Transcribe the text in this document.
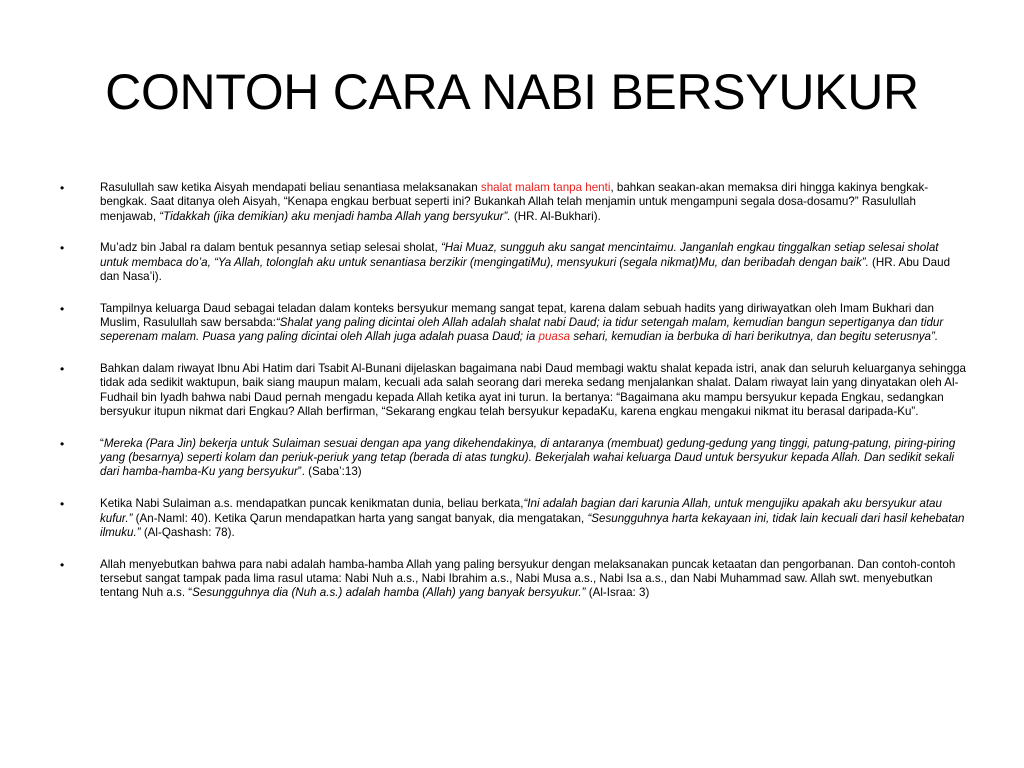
CONTOH CARA NABI BERSYUKUR
•	Rasulullah saw ketika Aisyah mendapati beliau senantiasa melaksanakan shalat malam tanpa henti, bahkan seakan-akan memaksa diri hingga kakinya bengkak-bengkak. Saat ditanya oleh Aisyah, “Kenapa engkau berbuat seperti ini? Bukankah Allah telah menjamin untuk mengampuni segala dosa-dosamu?” Rasulullah menjawab, “Tidakkah (jika demikian) aku menjadi hamba Allah yang bersyukur”. (HR. Al-Bukhari).
•	Mu’adz bin Jabal ra dalam bentuk pesannya setiap selesai sholat, “Hai Muaz, sungguh aku sangat mencintaimu. Janganlah engkau tinggalkan setiap selesai sholat untuk membaca do’a, “Ya Allah, tolonglah aku untuk senantiasa berzikir (mengingatiMu), mensyukuri (segala nikmat)Mu, dan beribadah dengan baik”. (HR. Abu Daud dan Nasa’i).
•	Tampilnya keluarga Daud sebagai teladan dalam konteks bersyukur memang sangat tepat, karena dalam sebuah hadits yang diriwayatkan oleh Imam Bukhari dan Muslim, Rasulullah saw bersabda:“Shalat yang paling dicintai oleh Allah adalah shalat nabi Daud; ia tidur setengah malam, kemudian bangun sepertiganya dan tidur seperenam malam. Puasa yang paling dicintai oleh Allah juga adalah puasa Daud; ia puasa sehari, kemudian ia berbuka di hari berikutnya, dan begitu seterusnya”.
•	Bahkan dalam riwayat Ibnu Abi Hatim dari Tsabit Al-Bunani dijelaskan bagaimana nabi Daud membagi waktu shalat kepada istri, anak dan seluruh keluarganya sehingga tidak ada sedikit waktupun, baik siang maupun malam, kecuali ada salah seorang dari mereka sedang menjalankan shalat. Dalam riwayat lain yang dinyatakan oleh Al-Fudhail bin Iyadh bahwa nabi Daud pernah mengadu kepada Allah ketika ayat ini turun. Ia bertanya: “Bagaimana aku mampu bersyukur kepada Engkau, sedangkan bersyukur itupun nikmat dari Engkau? Allah berfirman, “Sekarang engkau telah bersyukur kepadaKu, karena engkau mengakui nikmat itu berasal daripada-Ku”.
•	“Mereka (Para Jin) bekerja untuk Sulaiman sesuai dengan apa yang dikehendakinya, di antaranya (membuat) gedung-gedung yang tinggi, patung-patung, piring-piring yang (besarnya) seperti kolam dan periuk-periuk yang tetap (berada di atas tungku). Bekerjalah wahai keluarga Daud untuk bersyukur kepada Allah. Dan sedikit sekali dari hamba-hamba-Ku yang bersyukur”. (Saba’:13)
•	Ketika Nabi Sulaiman a.s. mendapatkan puncak kenikmatan dunia, beliau berkata,“Ini adalah bagian dari karunia Allah, untuk mengujiku apakah aku bersyukur atau kufur.” (An-Naml: 40). Ketika Qarun mendapatkan harta yang sangat banyak, dia mengatakan, “Sesungguhnya harta kekayaan ini, tidak lain kecuali dari hasil kehebatan ilmuku.” (Al-Qashash: 78).
•	Allah menyebutkan bahwa para nabi adalah hamba-hamba Allah yang paling bersyukur dengan melaksanakan puncak ketaatan dan pengorbanan. Dan contoh-contoh tersebut sangat tampak pada lima rasul utama: Nabi Nuh a.s., Nabi Ibrahim a.s., Nabi Musa a.s., Nabi Isa a.s., dan Nabi Muhammad saw. Allah swt. menyebutkan tentang Nuh a.s. “Sesungguhnya dia (Nuh a.s.) adalah hamba (Allah) yang banyak bersyukur.” (Al-Israa: 3)
